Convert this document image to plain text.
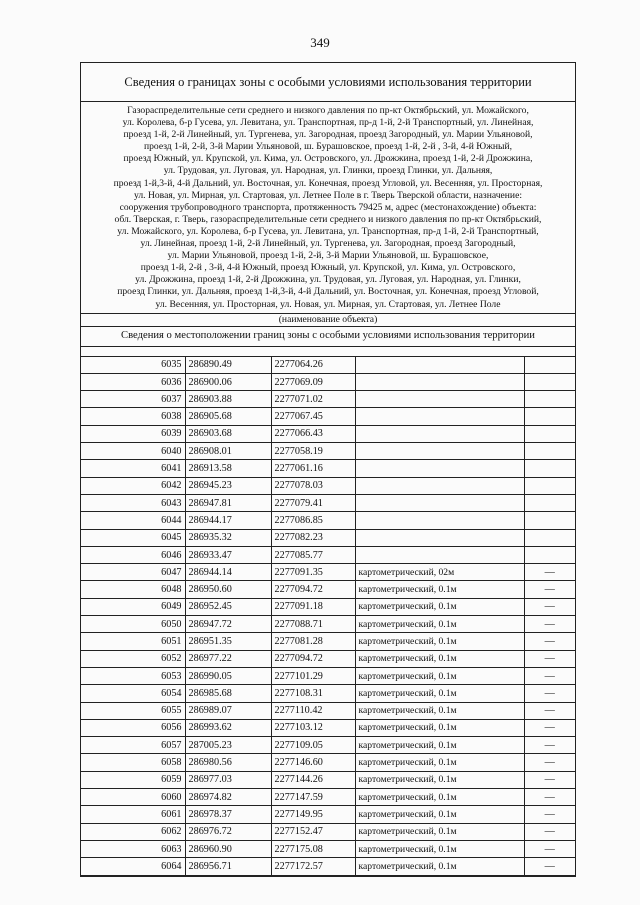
349
Сведения о границах зоны с особыми условиями использования территории
Газораспределительные сети среднего и низкого давления по пр-кт Октябрьский, ул. Можайского,
ул. Королева, б-р Гусева, ул. Левитана, ул. Транспортная, пр-д 1-й, 2-й Транспортный, ул. Линейная,
проезд 1-й, 2-й Линейный, ул. Тургенева, ул. Загородная, проезд Загородный, ул. Марии Ульяновой,
проезд 1-й, 2-й, 3-й Марии Ульяновой, ш. Бурашовское, проезд 1-й, 2-й , 3-й, 4-й Южный,
проезд Южный, ул. Крупской, ул. Кима, ул. Островского, ул. Дрожжина, проезд 1-й, 2-й Дрожжина,
ул. Трудовая, ул. Луговая, ул. Народная, ул. Глинки, проезд Глинки, ул. Дальняя,
проезд 1-й,3-й, 4-й Дальний, ул. Восточная, ул. Конечная, проезд Угловой, ул. Весенняя, ул. Просторная,
ул. Новая, ул. Мирная, ул. Стартовая, ул. Летнее Поле в г. Тверь Тверской области, назначение:
сооружения трубопроводного транспорта, протяженность 79425 м, адрес (местонахождение) объекта:
обл. Тверская, г. Тверь, газораспределительные сети среднего и низкого давления по пр-кт Октябрьский,
ул. Можайского, ул. Королева, б-р Гусева, ул. Левитана, ул. Транспортная, пр-д 1-й, 2-й Транспортный,
ул. Линейная, проезд 1-й, 2-й Линейный, ул. Тургенева, ул. Загородная, проезд Загородный,
ул. Марии Ульяновой, проезд 1-й, 2-й, 3-й Марии Ульяновой, ш. Бурашовское,
проезд 1-й, 2-й , 3-й, 4-й Южный, проезд Южный, ул. Крупской, ул. Кима, ул. Островского,
ул. Дрожжина, проезд 1-й, 2-й Дрожжина, ул. Трудовая, ул. Луговая, ул. Народная, ул. Глинки,
проезд Глинки, ул. Дальняя, проезд 1-й,3-й, 4-й Дальний, ул. Восточная, ул. Конечная, проезд Угловой,
ул. Весенняя, ул. Просторная, ул. Новая, ул. Мирная, ул. Стартовая, ул. Летнее Поле
(наименование объекта)
Сведения о местоположении границ зоны с особыми условиями использования территории
6035	286890.49	2277064.26		
6036	286900.06	2277069.09		
6037	286903.88	2277071.02		
6038	286905.68	2277067.45		
6039	286903.68	2277066.43		
6040	286908.01	2277058.19		
6041	286913.58	2277061.16		
6042	286945.23	2277078.03		
6043	286947.81	2277079.41		
6044	286944.17	2277086.85		
6045	286935.32	2277082.23		
6046	286933.47	2277085.77		
6047	286944.14	2277091.35	картометрический, 02м	—
6048	286950.60	2277094.72	картометрический, 0.1м	—
6049	286952.45	2277091.18	картометрический, 0.1м	—
6050	286947.72	2277088.71	картометрический, 0.1м	—
6051	286951.35	2277081.28	картометрический, 0.1м	—
6052	286977.22	2277094.72	картометрический, 0.1м	—
6053	286990.05	2277101.29	картометрический, 0.1м	—
6054	286985.68	2277108.31	картометрический, 0.1м	—
6055	286989.07	2277110.42	картометрический, 0.1м	—
6056	286993.62	2277103.12	картометрический, 0.1м	—
6057	287005.23	2277109.05	картометрический, 0.1м	—
6058	286980.56	2277146.60	картометрический, 0.1м	—
6059	286977.03	2277144.26	картометрический, 0.1м	—
6060	286974.82	2277147.59	картометрический, 0.1м	—
6061	286978.37	2277149.95	картометрический, 0.1м	—
6062	286976.72	2277152.47	картометрический, 0.1м	—
6063	286960.90	2277175.08	картометрический, 0.1м	—
6064	286956.71	2277172.57	картометрический, 0.1м	—
